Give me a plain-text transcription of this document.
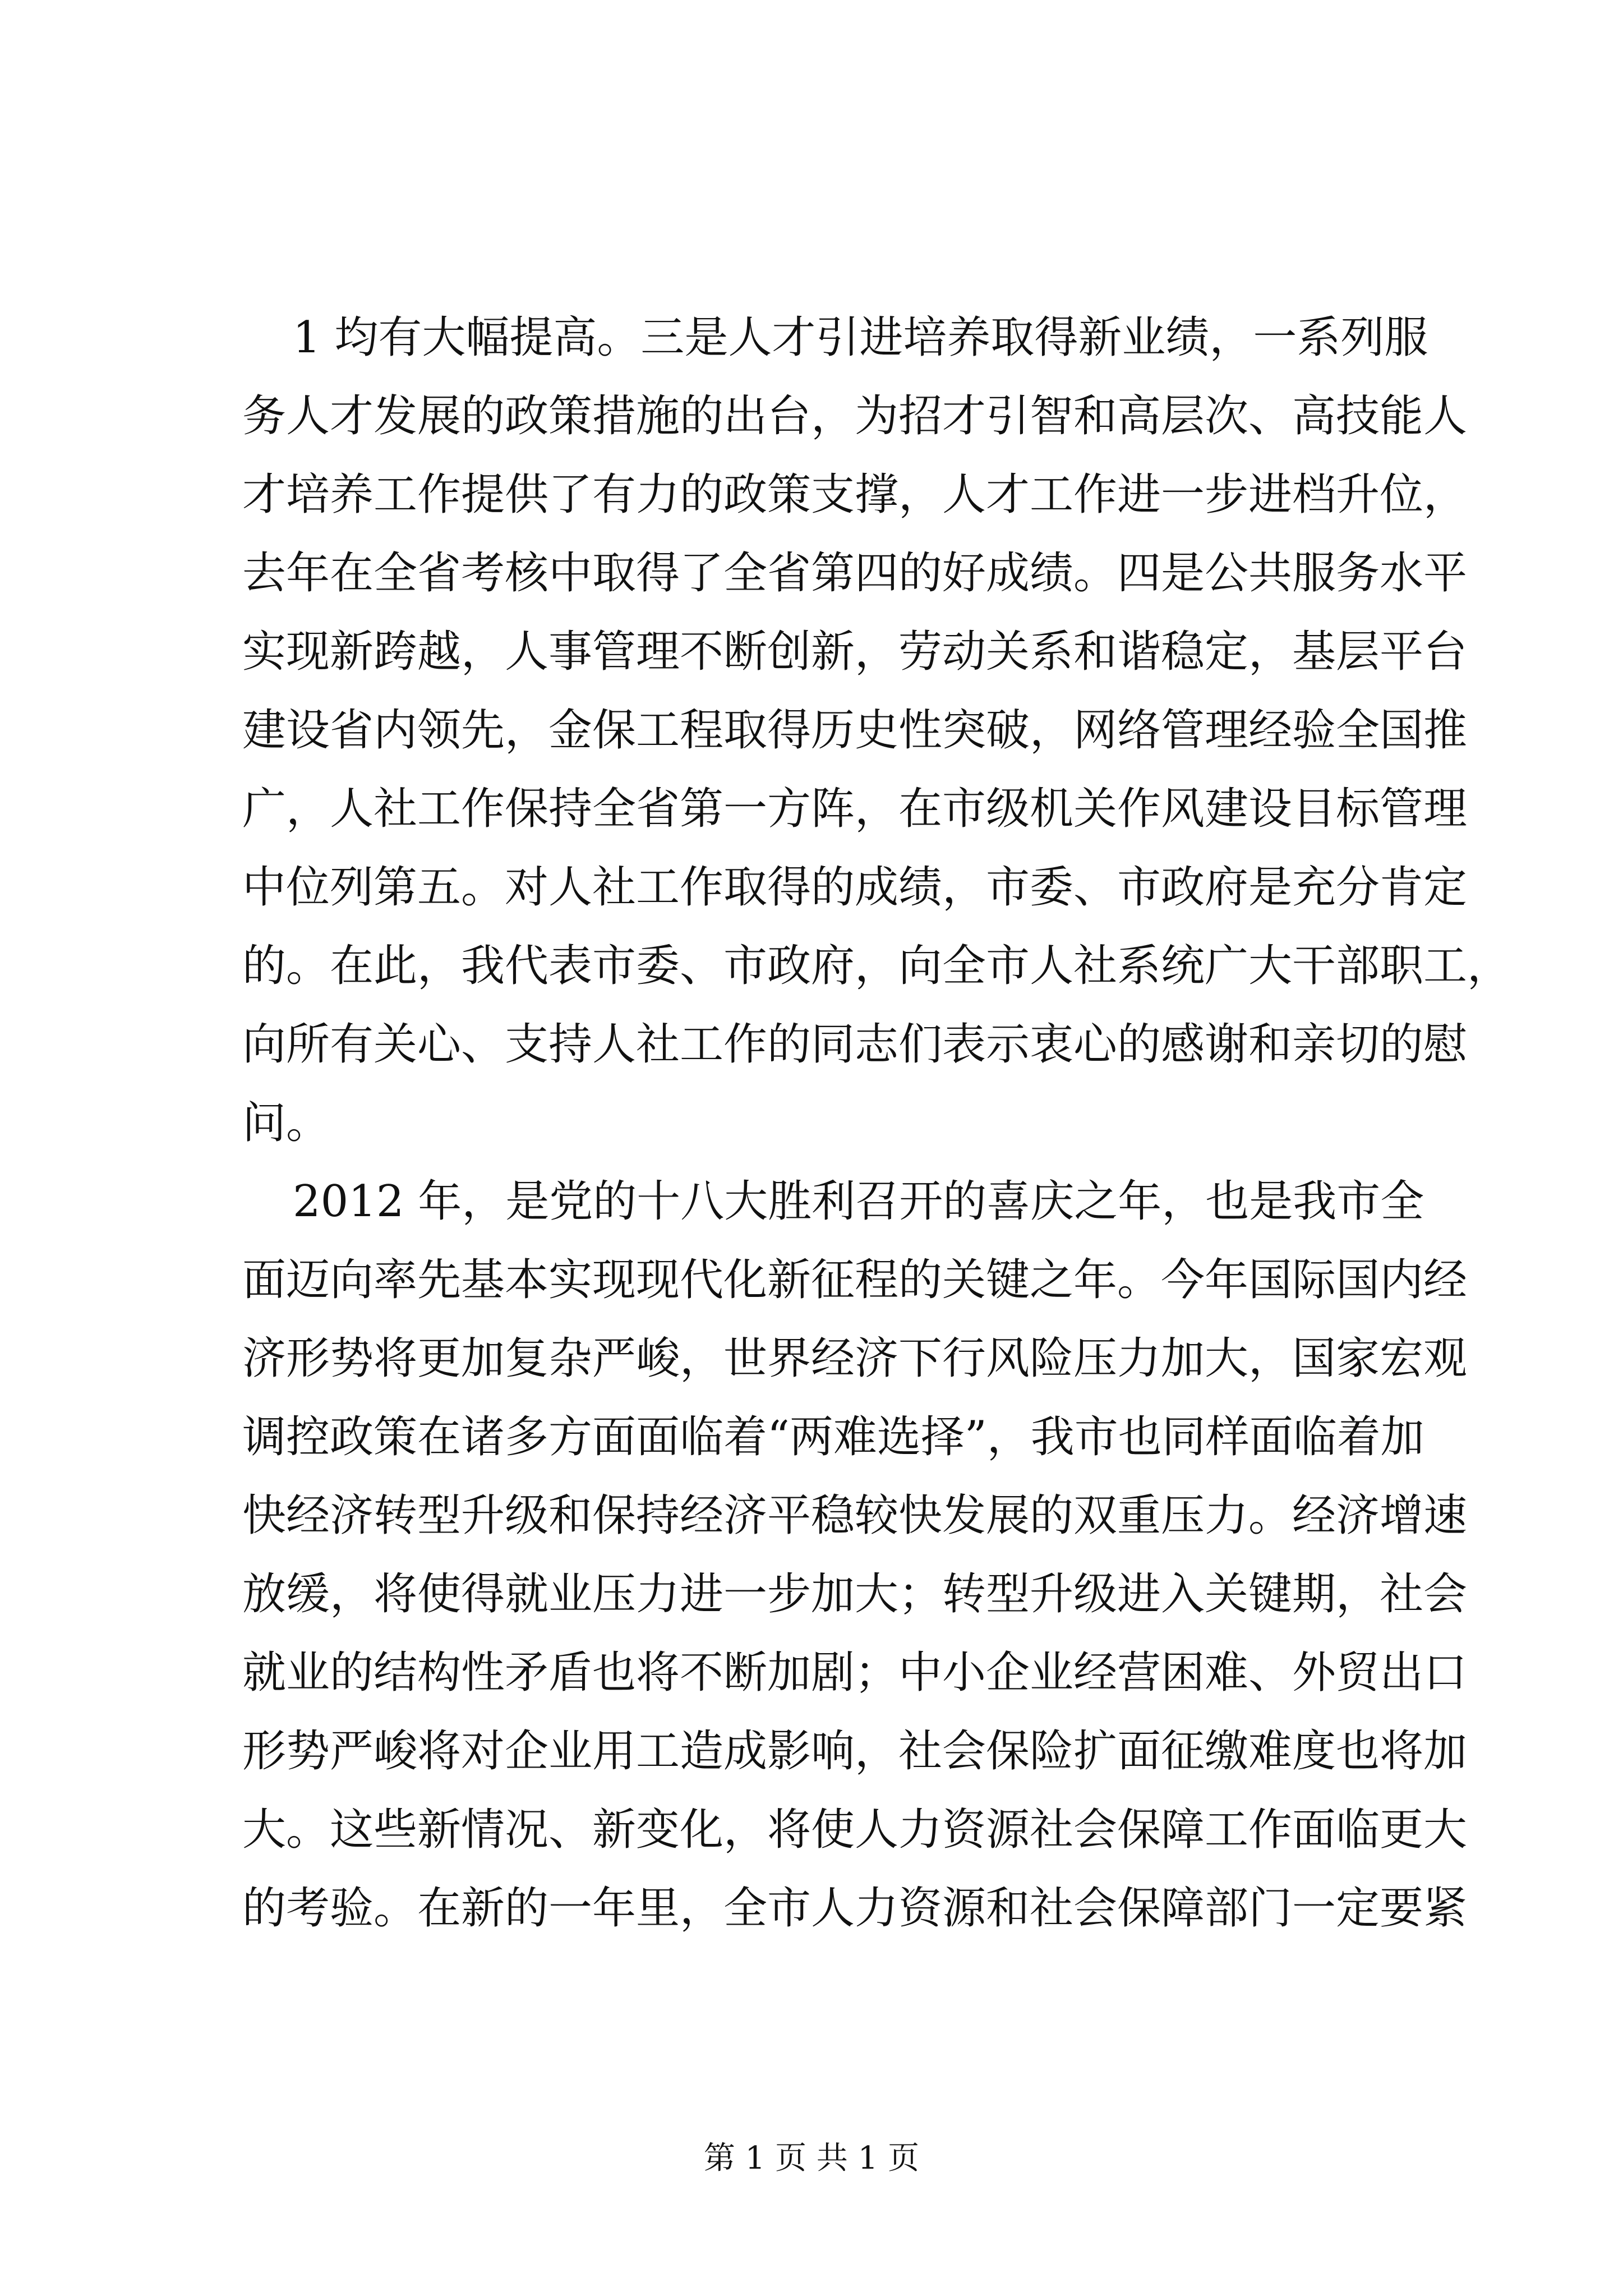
1 均有大幅提高。三是人才引进培养取得新业绩，一系列服
务人才发展的政策措施的出台，为招才引智和高层次、高技能人
才培养工作提供了有力的政策支撑，人才工作进一步进档升位，
去年在全省考核中取得了全省第四的好成绩。四是公共服务水平
实现新跨越，人事管理不断创新，劳动关系和谐稳定，基层平台
建设省内领先，金保工程取得历史性突破，网络管理经验全国推
广，人社工作保持全省第一方阵，在市级机关作风建设目标管理
中位列第五。对人社工作取得的成绩，市委、市政府是充分肯定
的。在此，我代表市委、市政府，向全市人社系统广大干部职工，
向所有关心、支持人社工作的同志们表示衷心的感谢和亲切的慰
问。
2012 年，是党的十八大胜利召开的喜庆之年，也是我市全
面迈向率先基本实现现代化新征程的关键之年。今年国际国内经
济形势将更加复杂严峻，世界经济下行风险压力加大，国家宏观
调控政策在诸多方面面临着“两难选择”，我市也同样面临着加
快经济转型升级和保持经济平稳较快发展的双重压力。经济增速
放缓，将使得就业压力进一步加大；转型升级进入关键期，社会
就业的结构性矛盾也将不断加剧；中小企业经营困难、外贸出口
形势严峻将对企业用工造成影响，社会保险扩面征缴难度也将加
大。这些新情况、新变化，将使人力资源社会保障工作面临更大
的考验。在新的一年里，全市人力资源和社会保障部门一定要紧
第 1 页 共 1 页
